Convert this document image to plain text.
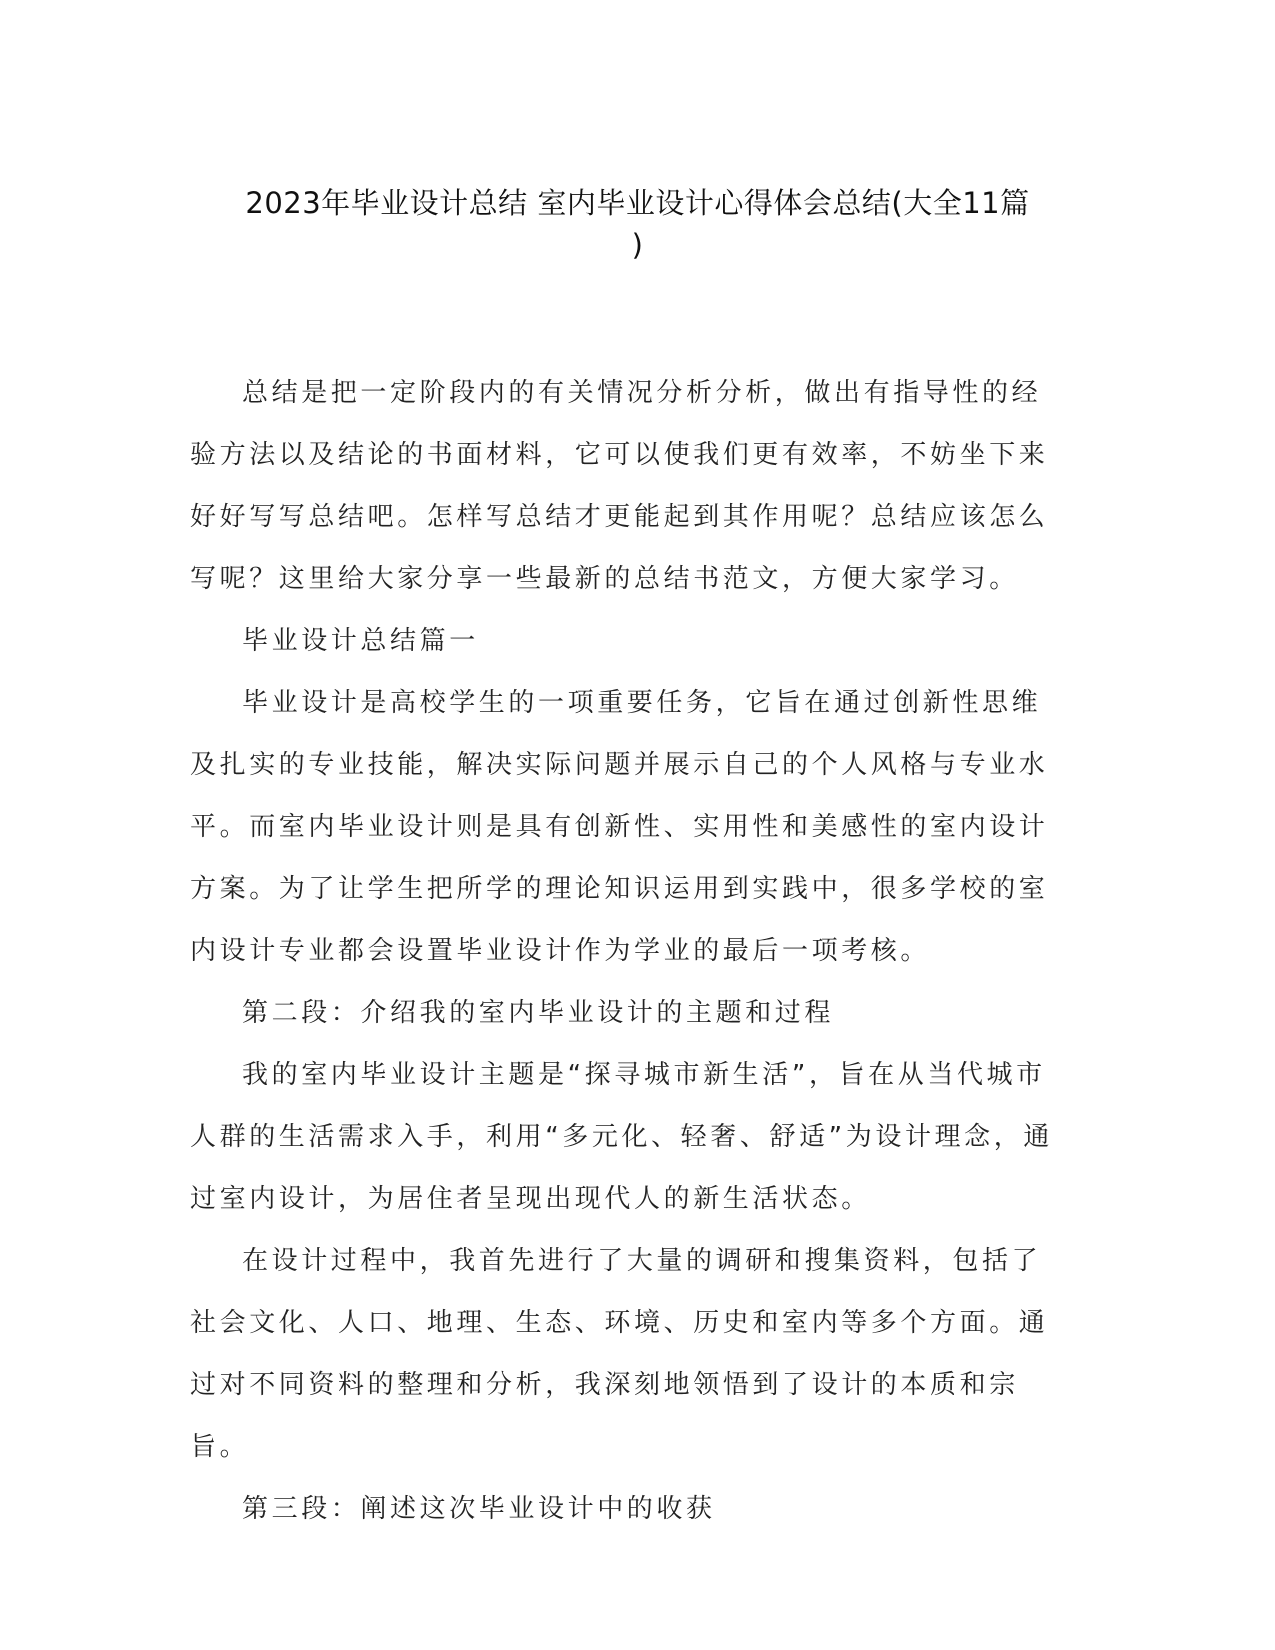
2023年毕业设计总结 室内毕业设计心得体会总结(大全11篇
)

总结是把一定阶段内的有关情况分析分析，做出有指导性的经验方法以及结论的书面材料，它可以使我们更有效率，不妨坐下来好好写写总结吧。怎样写总结才更能起到其作用呢？总结应该怎么写呢？这里给大家分享一些最新的总结书范文，方便大家学习。

毕业设计总结篇一

毕业设计是高校学生的一项重要任务，它旨在通过创新性思维及扎实的专业技能，解决实际问题并展示自己的个人风格与专业水平。而室内毕业设计则是具有创新性、实用性和美感性的室内设计方案。为了让学生把所学的理论知识运用到实践中，很多学校的室内设计专业都会设置毕业设计作为学业的最后一项考核。

第二段：介绍我的室内毕业设计的主题和过程

我的室内毕业设计主题是“探寻城市新生活”，旨在从当代城市人群的生活需求入手，利用“多元化、轻奢、舒适”为设计理念，通过室内设计，为居住者呈现出现代人的新生活状态。

在设计过程中，我首先进行了大量的调研和搜集资料，包括了社会文化、人口、地理、生态、环境、历史和室内等多个方面。通过对不同资料的整理和分析，我深刻地领悟到了设计的本质和宗旨。

第三段：阐述这次毕业设计中的收获
